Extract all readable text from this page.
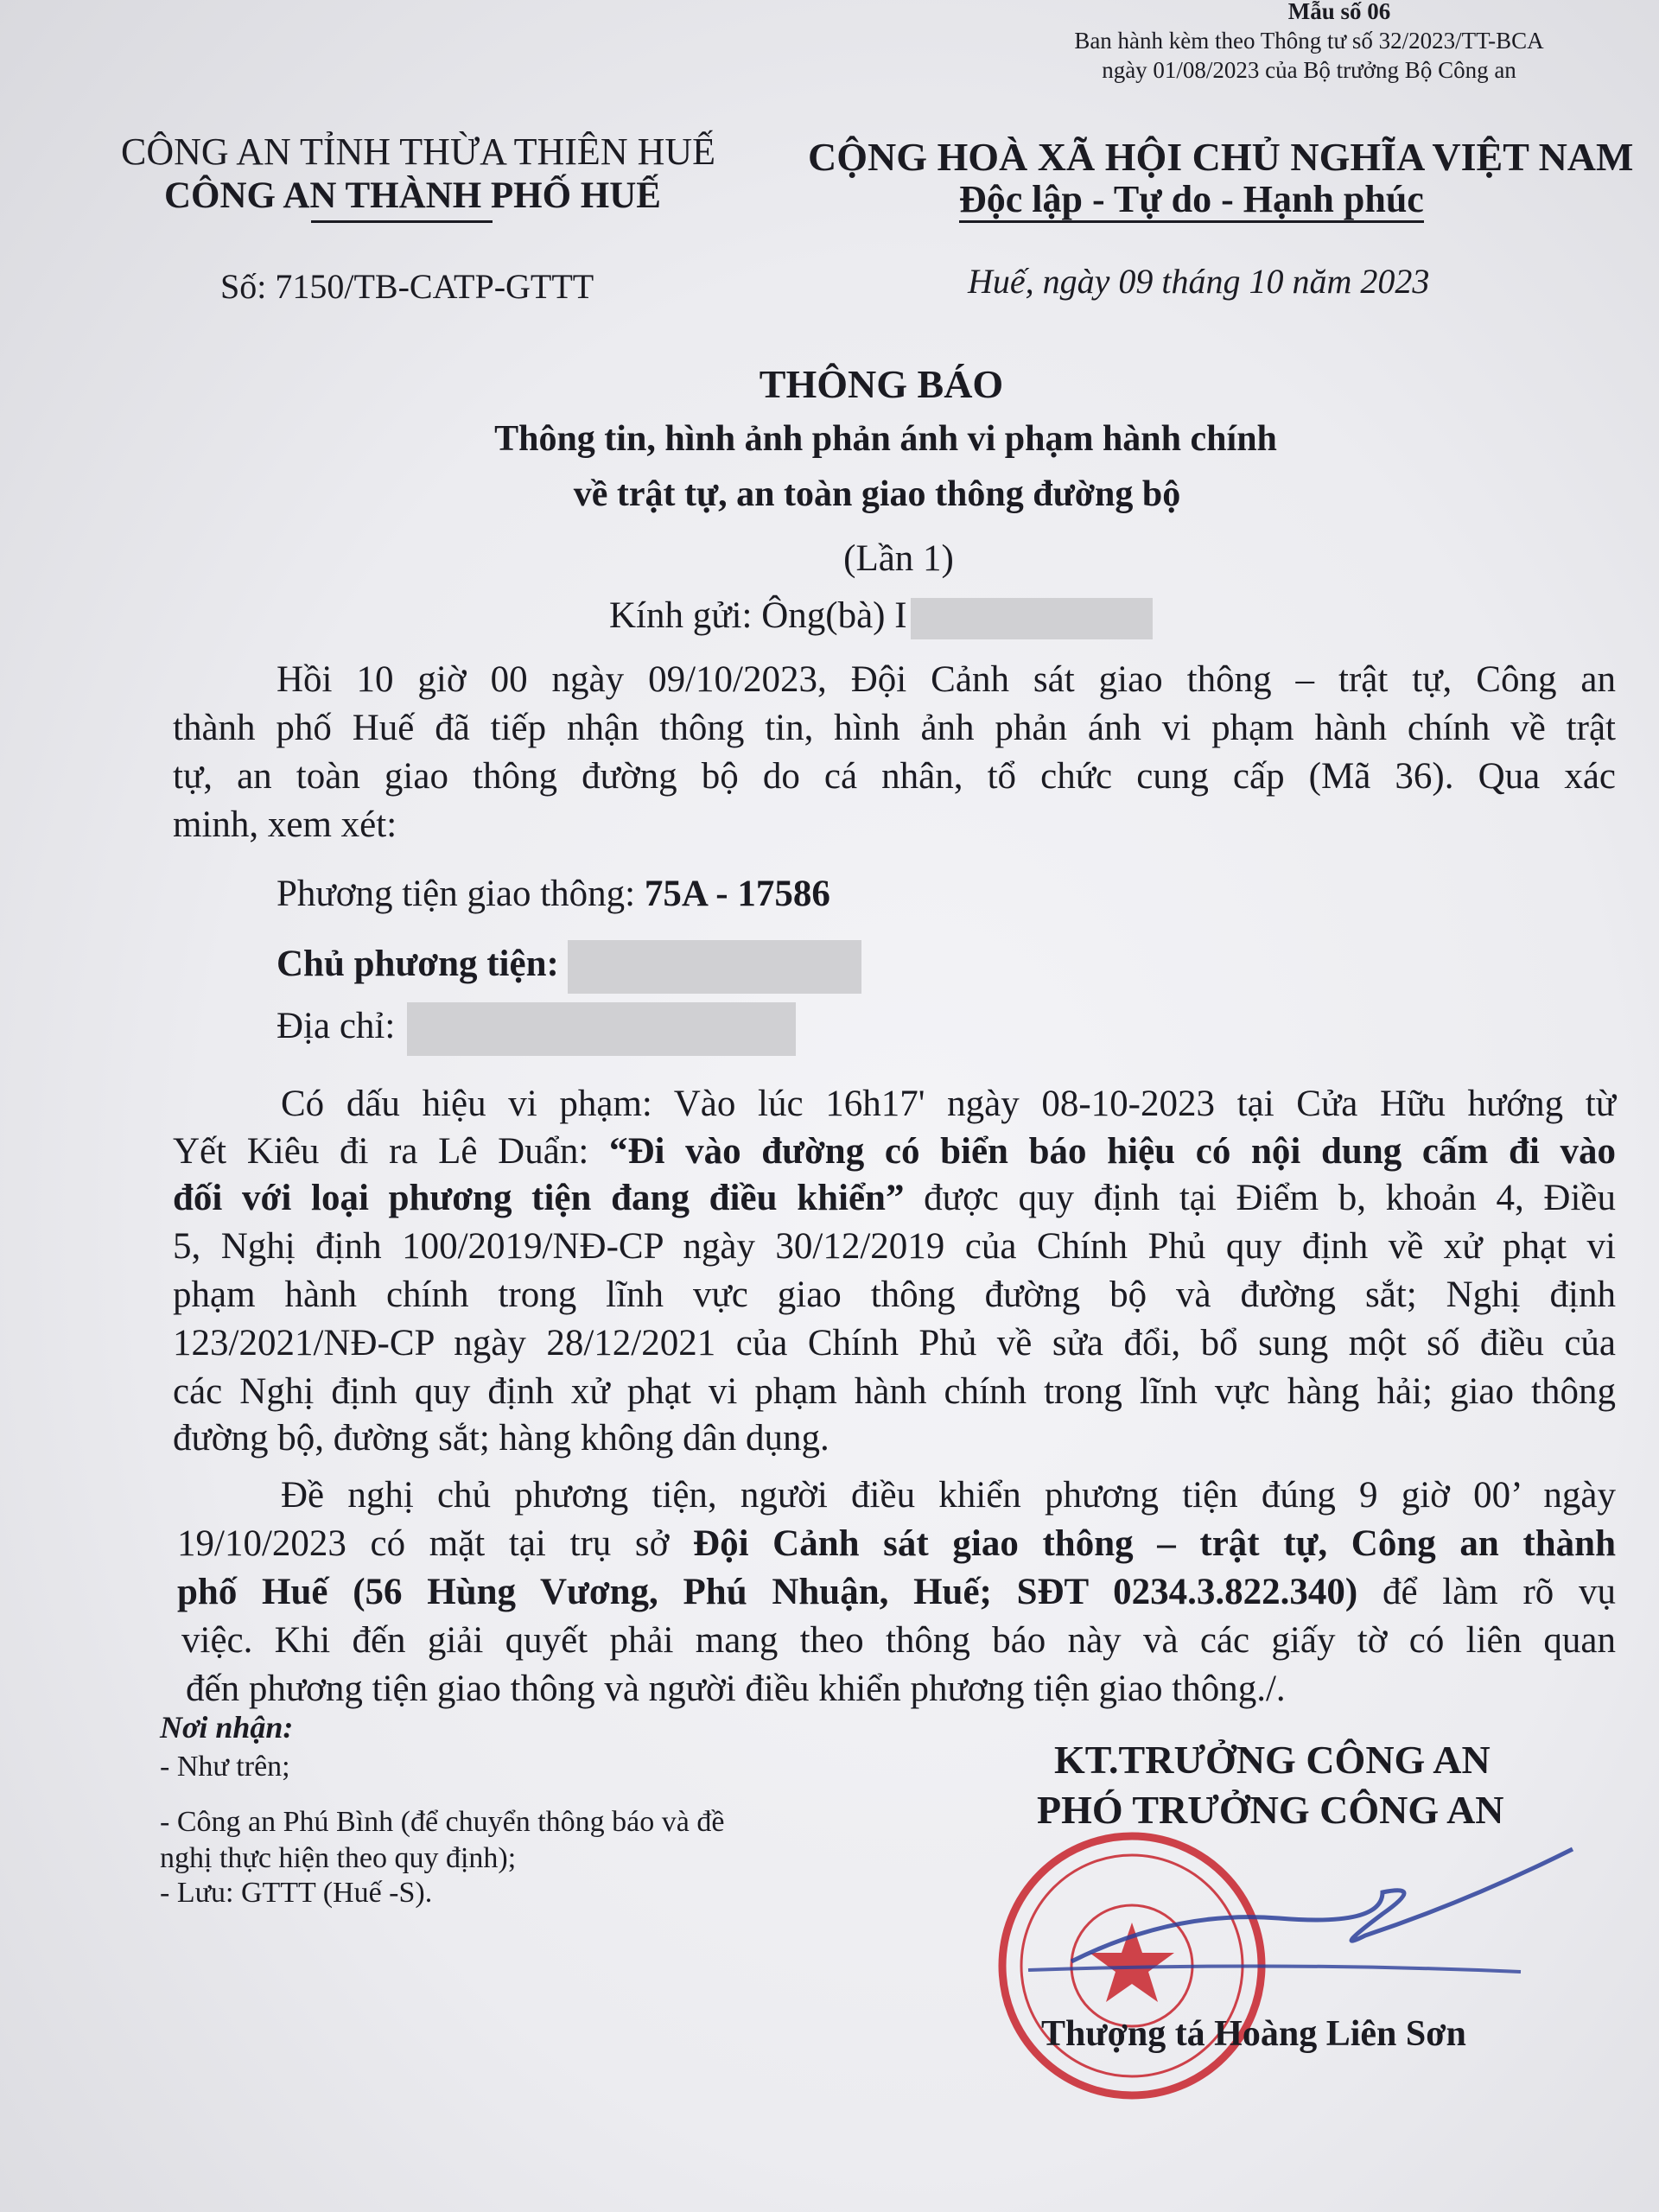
Mẫu số 06
Ban hành kèm theo Thông tư số 32/2023/TT-BCA
ngày 01/08/2023 của Bộ trưởng Bộ Công an
CÔNG AN TỈNH THỪA THIÊN HUẾ
CÔNG AN THÀNH PHỐ HUẾ
CỘNG HOÀ XÃ HỘI CHỦ NGHĨA VIỆT NAM
Độc lập - Tự do - Hạnh phúc
Số: 7150/TB-CATP-GTTT	Huế, ngày 09 tháng 10 năm 2023
THÔNG BÁO
Thông tin, hình ảnh phản ánh vi phạm hành chính
về trật tự, an toàn giao thông đường bộ
(Lần 1)
Kính gửi: Ông(bà) I
Hồi 10 giờ 00 ngày 09/10/2023, Đội Cảnh sát giao thông – trật tự, Công an
thành phố Huế đã tiếp nhận thông tin, hình ảnh phản ánh vi phạm hành chính về trật
tự, an toàn giao thông đường bộ do cá nhân, tổ chức cung cấp (Mã 36). Qua xác
minh, xem xét:
Phương tiện giao thông: 75A - 17586
Chủ phương tiện:
Địa chỉ:
Có dấu hiệu vi phạm: Vào lúc 16h17' ngày 08-10-2023 tại Cửa Hữu hướng từ
Yết Kiêu đi ra Lê Duẩn: “Đi vào đường có biển báo hiệu có nội dung cấm đi vào
đối với loại phương tiện đang điều khiển” được quy định tại Điểm b, khoản 4, Điều
5, Nghị định 100/2019/NĐ-CP ngày 30/12/2019 của Chính Phủ quy định về xử phạt vi
phạm hành chính trong lĩnh vực giao thông đường bộ và đường sắt; Nghị định
123/2021/NĐ-CP ngày 28/12/2021 của Chính Phủ về sửa đổi, bổ sung một số điều của
các Nghị định quy định xử phạt vi phạm hành chính trong lĩnh vực hàng hải; giao thông
đường bộ, đường sắt; hàng không dân dụng.
Đề nghị chủ phương tiện, người điều khiển phương tiện đúng 9 giờ 00’ ngày
19/10/2023 có mặt tại trụ sở Đội Cảnh sát giao thông – trật tự, Công an thành
phố Huế (56 Hùng Vương, Phú Nhuận, Huế; SĐT 0234.3.822.340) để làm rõ vụ
việc. Khi đến giải quyết phải mang theo thông báo này và các giấy tờ có liên quan
đến phương tiện giao thông và người điều khiển phương tiện giao thông./.
Nơi nhận:
- Như trên;
- Công an Phú Bình (để chuyển thông báo và đề
nghị thực hiện theo quy định);
- Lưu: GTTT (Huế -S).
KT.TRƯỞNG CÔNG AN
PHÓ TRƯỞNG CÔNG AN
Thượng tá Hoàng Liên Sơn
